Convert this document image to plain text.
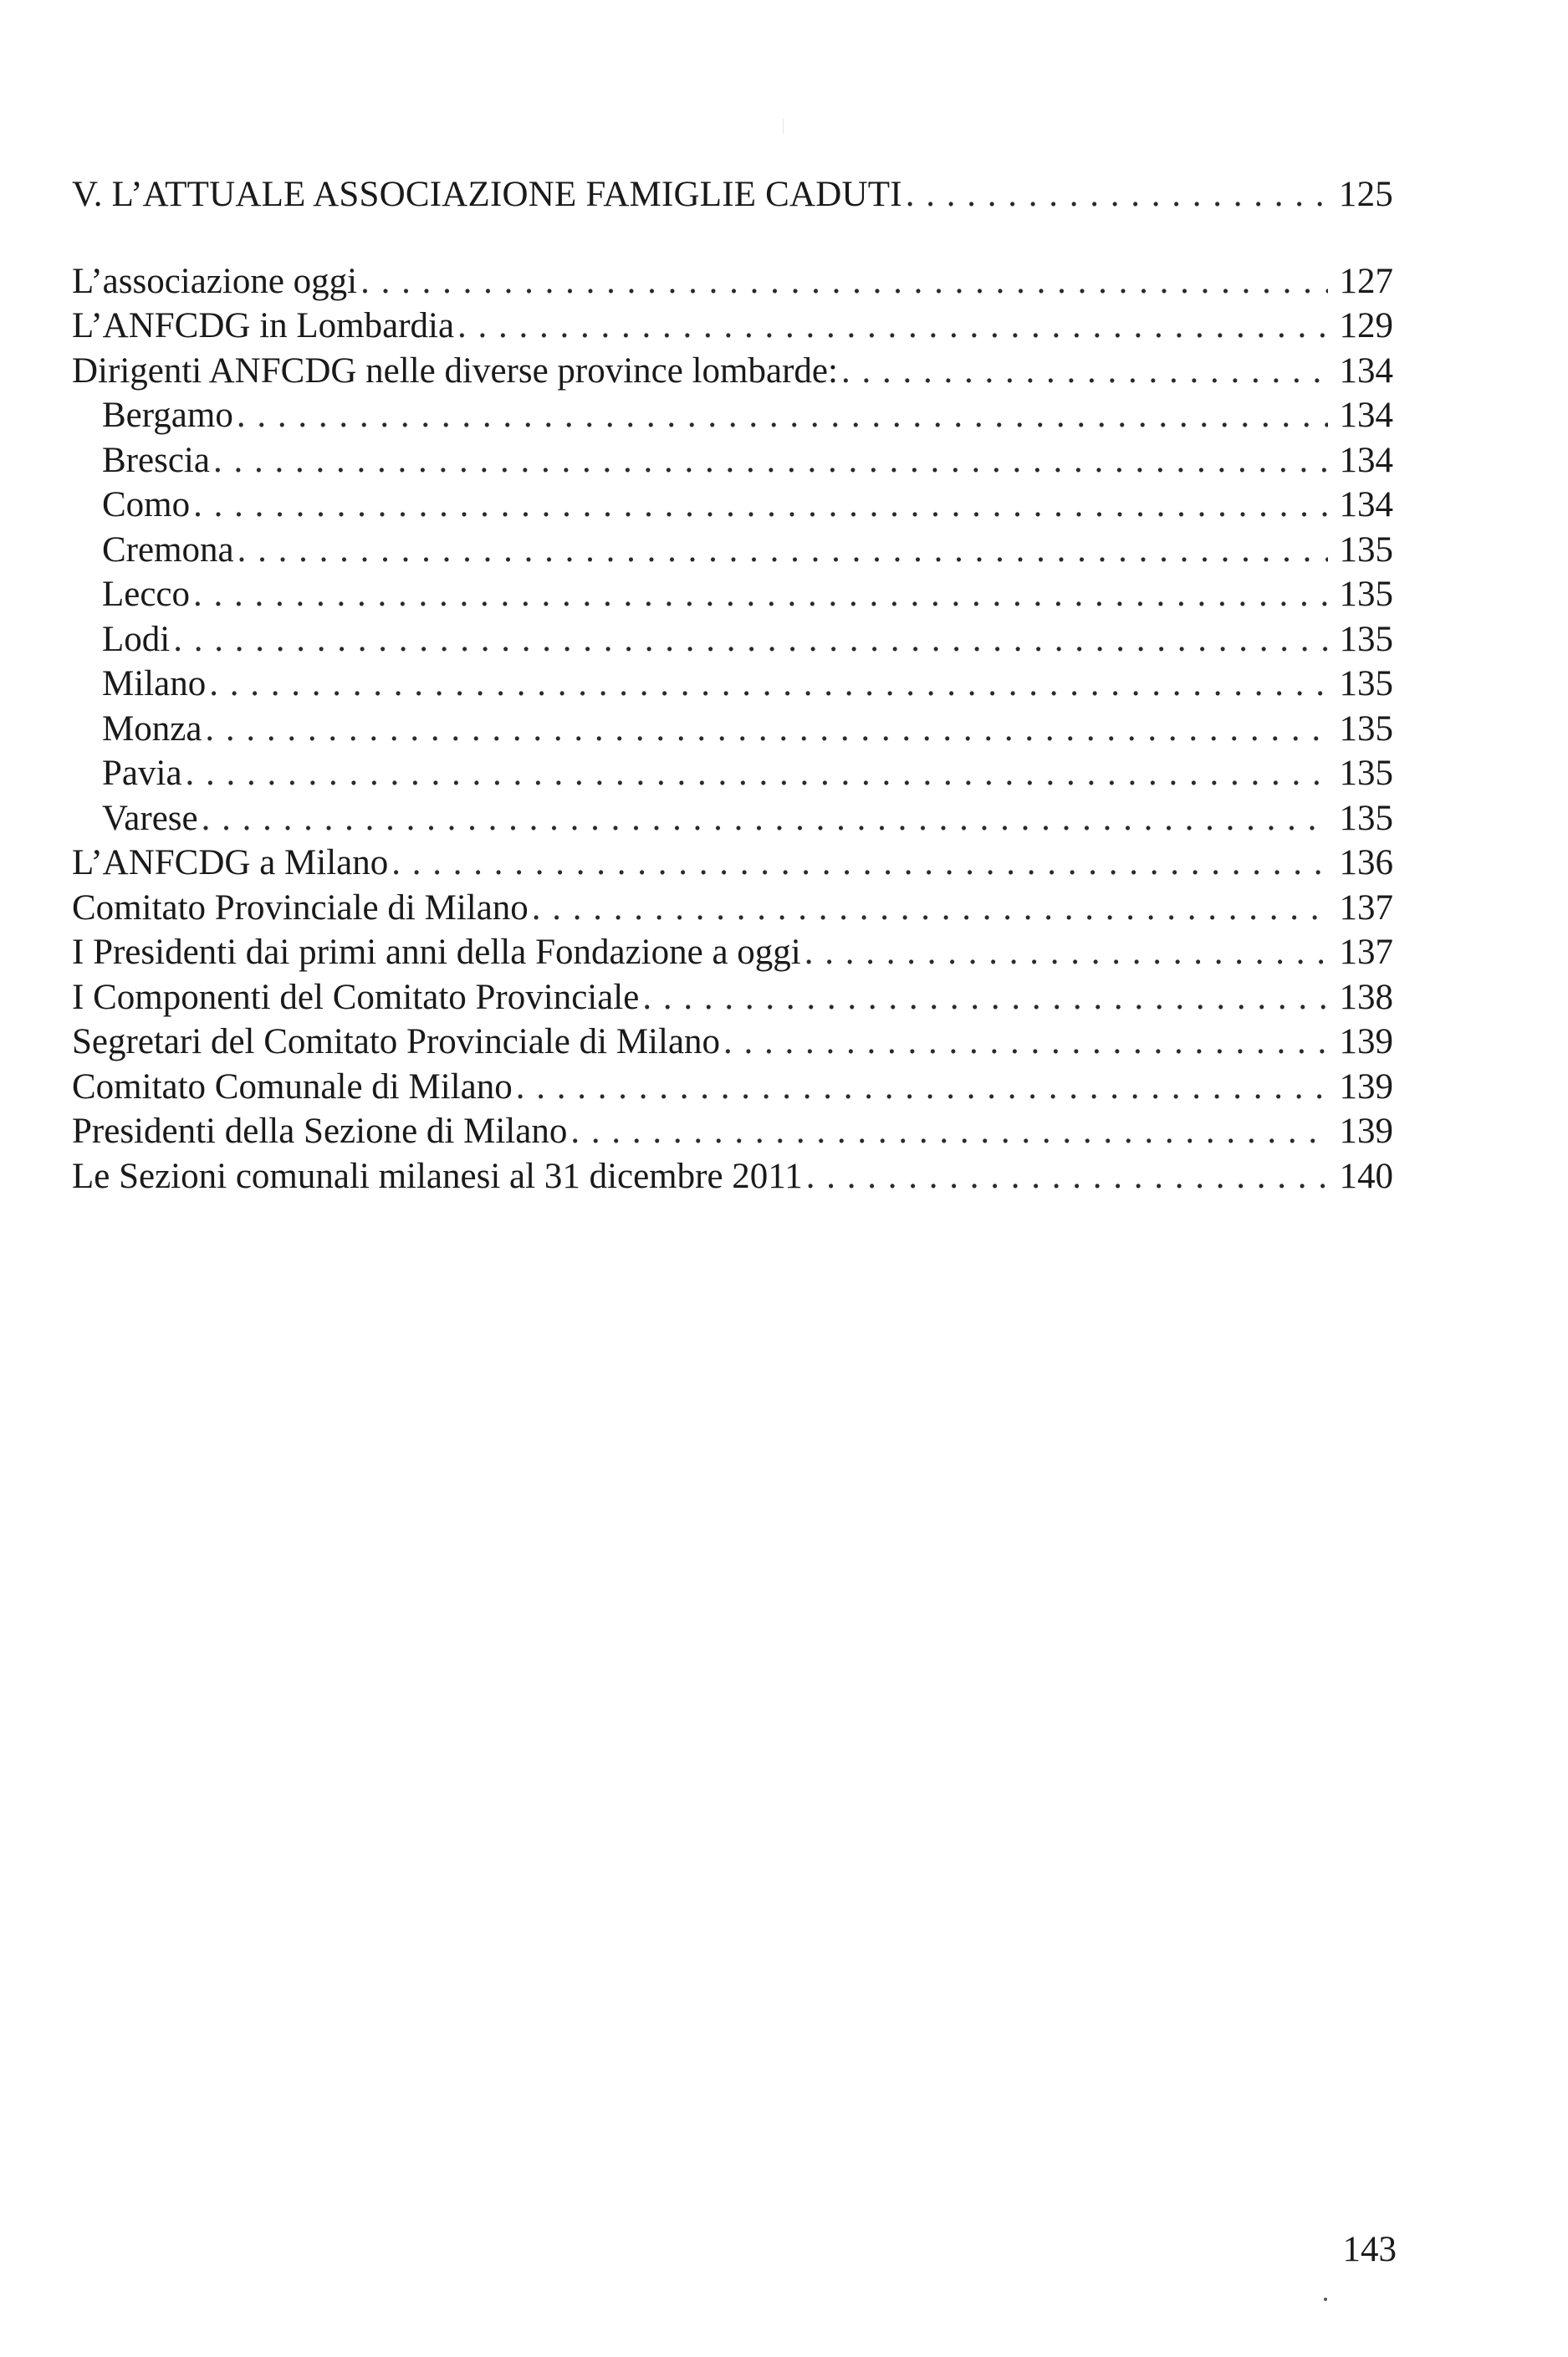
V. L’ATTUALE ASSOCIAZIONE FAMIGLIE CADUTI . . .	125
L’associazione oggi . . .	127
L’ANFCDG in Lombardia . . .	129
Dirigenti ANFCDG nelle diverse province lombarde: . . .	134
Bergamo . . .	134
Brescia . . .	134
Como . . .	134
Cremona . . .	135
Lecco . . .	135
Lodi . . .	135
Milano . . .	135
Monza . . .	135
Pavia . . .	135
Varese . . .	135
L’ANFCDG a Milano . . .	136
Comitato Provinciale di Milano . . .	137
I Presidenti dai primi anni della Fondazione a oggi . . .	137
I Componenti del Comitato Provinciale . . .	138
Segretari del Comitato Provinciale di Milano . . .	139
Comitato Comunale di Milano . . .	139
Presidenti della Sezione di Milano . . .	139
Le Sezioni comunali milanesi al 31 dicembre 2011 . . .	140
143
